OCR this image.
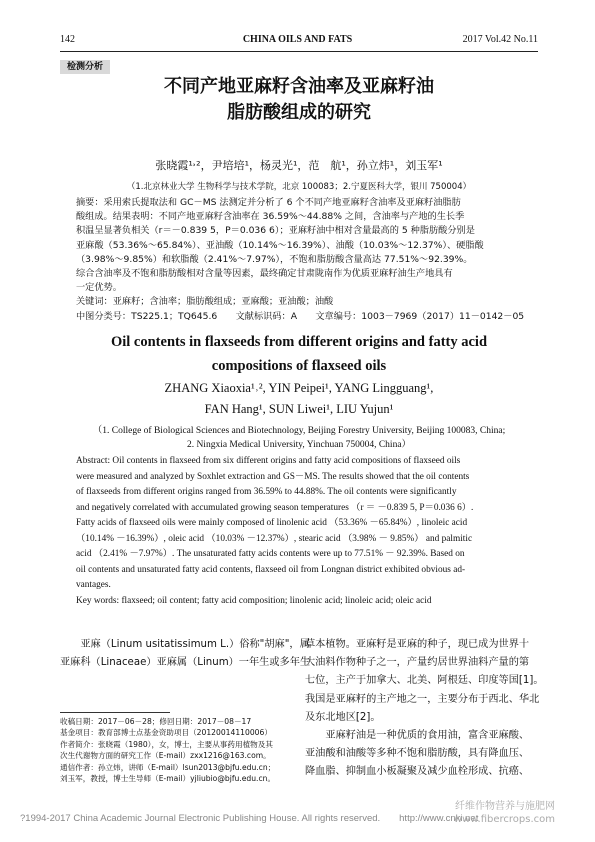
142	CHINA OILS AND FATS	2017 Vol.42 No.11
检测分析
不同产地亚麻籽含油率及亚麻籽油
脂肪酸组成的研究
张晓霞¹˒²，尹培培¹，杨灵光¹，范　航¹，孙立炜¹，刘玉军¹
（1.北京林业大学 生物科学与技术学院，北京 100083；2.宁夏医科大学，银川 750004）
摘要：采用索氏提取法和 GC－MS 法测定并分析了 6 个不同产地亚麻籽含油率及亚麻籽油脂肪
酸组成。结果表明：不同产地亚麻籽含油率在 36.59%～44.88% 之间，含油率与产地的生长季
积温呈显著负相关（r＝－0.839 5，P＝0.036 6）；亚麻籽油中相对含量最高的 5 种脂肪酸分别是
亚麻酸（53.36%～65.84%）、亚油酸（10.14%～16.39%）、油酸（10.03%～12.37%）、硬脂酸
（3.98%～9.85%）和软脂酸（2.41%～7.97%），不饱和脂肪酸含量高达 77.51%～92.39%。
综合含油率及不饱和脂肪酸相对含量等因素，最终确定甘肃陇南作为优质亚麻籽油生产地具有
一定优势。
关键词：亚麻籽；含油率；脂肪酸组成；亚麻酸；亚油酸；油酸
中图分类号：TS225.1；TQ645.6　　文献标识码：A　　文章编号：1003－7969（2017）11－0142－05
Oil contents in flaxseeds from different origins and fatty acid
compositions of flaxseed oils
ZHANG Xiaoxia¹˒², YIN Peipei¹, YANG Lingguang¹,
FAN Hang¹, SUN Liwei¹, LIU Yujun¹
（1. College of Biological Sciences and Biotechnology, Beijing Forestry University, Beijing 100083, China;
2. Ningxia Medical University, Yinchuan 750004, China）
Abstract: Oil contents in flaxseed from six different origins and fatty acid compositions of flaxseed oils
were measured and analyzed by Soxhlet extraction and GS－MS. The results showed that the oil contents
of flaxseeds from different origins ranged from 36.59% to 44.88%. The oil contents were significantly
and negatively correlated with accumulated growing season temperatures （r ＝ －0.839 5, P＝0.036 6）.
Fatty acids of flaxseed oils were mainly composed of linolenic acid （53.36% －65.84%）, linoleic acid
（10.14% －16.39%）, oleic acid （10.03% －12.37%）, stearic acid （3.98% － 9.85%） and palmitic
acid （2.41% －7.97%）. The unsaturated fatty acids contents were up to 77.51% － 92.39%. Based on
oil contents and unsaturated fatty acid contents, flaxseed oil from Longnan district exhibited obvious ad-
vantages.
Key words: flaxseed; oil content; fatty acid composition; linolenic acid; linoleic acid; oleic acid
　　亚麻（Linum usitatissimum L.）俗称"胡麻"，属
亚麻科（Linaceae）亚麻属（Linum）一年生或多年生
草本植物。亚麻籽是亚麻的种子，现已成为世界十
大油料作物种子之一，产量约居世界油料产量的第
七位，主产于加拿大、北美、阿根廷、印度等国[1]。
我国是亚麻籽的主产地之一，主要分布于西北、华北
及东北地区[2]。
　　亚麻籽油是一种优质的食用油，富含亚麻酸、
亚油酸和油酸等多种不饱和脂肪酸，具有降血压、
降血脂、抑制血小板凝聚及减少血栓形成、抗癌、
收稿日期：2017－06－28；修回日期：2017－08－17
基金项目：教育部博士点基金资助项目（20120014110006）
作者简介：张晓霞（1980），女，博士，主要从事药用植物及其
次生代谢物方面的研究工作（E-mail）zxx1216@163.com。
通信作者：孙立炜，讲师（E-mail）lsun2013@bjfu.edu.cn；
刘玉军，教授，博士生导师（E-mail）yjliubio@bjfu.edu.cn。
?1994-2017 China Academic Journal Electronic Publishing House. All rights reserved.　　http://www.cnki.net
纤维作物营养与施肥网
www.fibercrops.com
